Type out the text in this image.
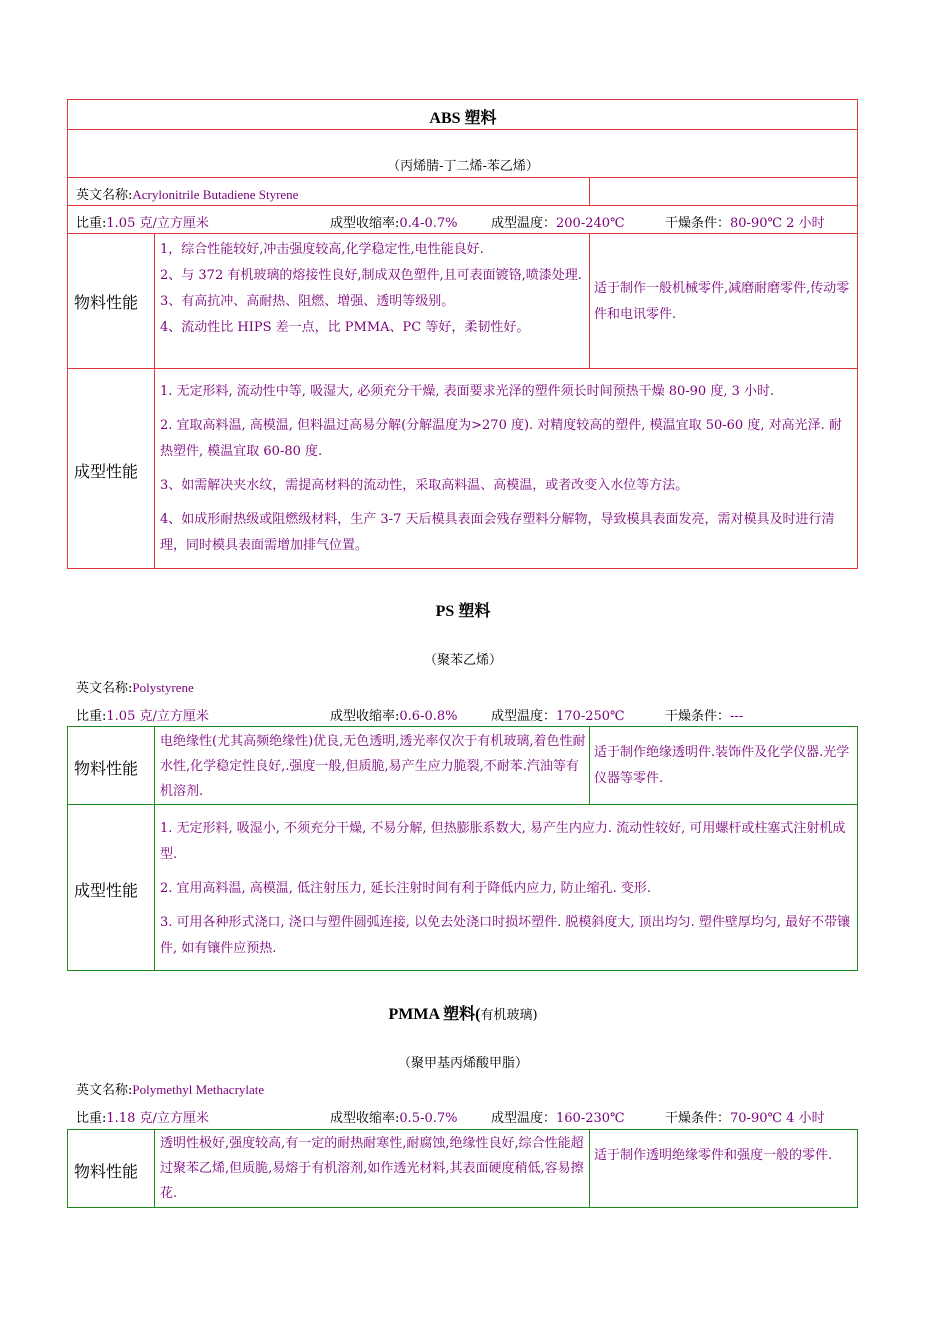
ABS 塑料
（丙烯腈-丁二烯-苯乙烯）
英文名称:Acrylonitrile Butadiene Styrene
比重:1.05 克/立方厘米	成型收缩率:0.4-0.7%	成型温度：200-240℃	干燥条件：80-90℃ 2 小时
物料性能

1，综合性能较好,冲击强度较高,化学稳定性,电性能良好.

2、与 372 有机玻璃的熔接性良好,制成双色塑件,且可表面镀铬,喷漆处理.

3、有高抗冲、高耐热、阻燃、增强、透明等级别。

4、流动性比 HIPS 差一点，比 PMMA、PC 等好，柔韧性好。

适于制作一般机械零件,减磨耐磨零件,传动零件和电讯零件.
成型性能

1. 无定形料, 流动性中等, 吸湿大, 必须充分干燥, 表面要求光泽的塑件须长时间预热干燥 80-90 度, 3 小时.

2. 宜取高料温, 高模温, 但料温过高易分解(分解温度为>270 度). 对精度较高的塑件, 模温宜取 50-60 度, 对高光泽. 耐热塑件, 模温宜取 60-80 度.

3、如需解决夹水纹，需提高材料的流动性，采取高料温、高模温，或者改变入水位等方法。

4、如成形耐热级或阻燃级材料，生产 3-7 天后模具表面会残存塑料分解物，导致模具表面发亮，需对模具及时进行清理，同时模具表面需增加排气位置。

PS 塑料
（聚苯乙烯）
英文名称:Polystyrene
比重:1.05 克/立方厘米	成型收缩率:0.6-0.8%	成型温度：170-250℃	干燥条件：---
物料性能
电绝缘性(尤其高频绝缘性)优良,无色透明,透光率仅次于有机玻璃,着色性耐水性,化学稳定性良好,.强度一般,但质脆,易产生应力脆裂,不耐苯.汽油等有机溶剂.
适于制作绝缘透明件.装饰件及化学仪器.光学仪器等零件.
成型性能

1. 无定形料, 吸湿小, 不须充分干燥, 不易分解, 但热膨胀系数大, 易产生内应力. 流动性较好, 可用螺杆或柱塞式注射机成型.

2. 宜用高料温, 高模温, 低注射压力, 延长注射时间有利于降低内应力, 防止缩孔. 变形.

3. 可用各种形式浇口, 浇口与塑件圆弧连接, 以免去处浇口时损坏塑件. 脱模斜度大, 顶出均匀. 塑件壁厚均匀, 最好不带镶件, 如有镶件应预热.

PMMA 塑料(有机玻璃)
（聚甲基丙烯酸甲脂）
英文名称:Polymethyl Methacrylate
比重:1.18 克/立方厘米	成型收缩率:0.5-0.7%	成型温度：160-230℃	干燥条件：70-90℃ 4 小时
物料性能
透明性极好,强度较高,有一定的耐热耐寒性,耐腐蚀,绝缘性良好,综合性能超过聚苯乙烯,但质脆,易熔于有机溶剂,如作透光材料,其表面硬度稍低,容易擦花.
适于制作透明绝缘零件和强度一般的零件.
